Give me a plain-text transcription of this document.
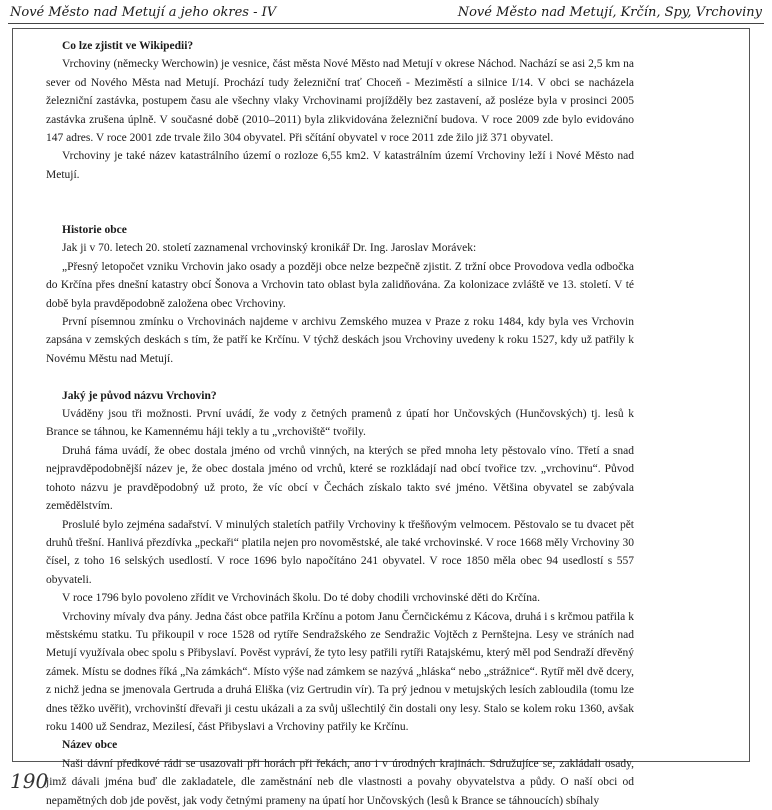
Nové Město nad Metují a jeho okres - IV	Nové Město nad Metují, Krčín, Spy, Vrchoviny
Co lze zjistit ve Wikipedii?

Vrchoviny (německy Werchowin) je vesnice, část města Nové Město nad Metují v okrese Náchod. Nachází se asi 2,5 km na sever od Nového Města nad Metují. Prochází tudy železniční trať Choceň - Meziměstí a silnice I/14. V obci se nacházela železniční zastávka, postupem času ale všechny vlaky Vrchovinami projížděly bez zastavení, až posléze byla v prosinci 2005 zastávka zrušena úplně. V současné době (2010–2011) byla zlikvidována železniční budova. V roce 2009 zde bylo evidováno 147 adres. V roce 2001 zde trvale žilo 304 obyvatel. Při sčítání obyvatel v roce 2011 zde žilo již 371 obyvatel.

Vrchoviny je také název katastrálního území o rozloze 6,55 km2. V katastrálním území Vrchoviny leží i Nové Město nad Metují.

Historie obce

Jak ji v 70. letech 20. století zaznamenal vrchovinský kronikář Dr. Ing. Jaroslav Morávek:

„Přesný letopočet vzniku Vrchovin jako osady a později obce nelze bezpečně zjistit. Z tržní obce Provodova vedla odbočka do Krčína přes dnešní katastry obcí Šonova a Vrchovin tato oblast byla zalidňována. Za kolonizace zvláště ve 13. století. V té době byla pravděpodobně založena obec Vrchoviny.

První písemnou zmínku o Vrchovinách najdeme v archivu Zemského muzea v Praze z roku 1484, kdy byla ves Vrchovin zapsána v zemských deskách s tím, že patří ke Krčínu. V týchž deskách jsou Vrchoviny uvedeny k roku 1527, kdy už patřily k Novému Městu nad Metují.

Jaký je původ názvu Vrchovin?

Uváděny jsou tři možnosti. První uvádí, že vody z četných pramenů z úpatí hor Unčovských (Hunčovských) tj. lesů k Brance se táhnou, ke Kamennému háji tekly a tu „vrchoviště“ tvořily.

Druhá fáma uvádí, že obec dostala jméno od vrchů vinných, na kterých se před mnoha lety pěstovalo víno. Třetí a snad nejpravděpodobnější název je, že obec dostala jméno od vrchů, které se rozkládají nad obcí tvořice tzv. „vrchovinu“. Původ tohoto názvu je pravděpodobný už proto, že víc obcí v Čechách získalo takto své jméno. Většina obyvatel se zabývala zemědělstvím.

Proslulé bylo zejména sadařství. V minulých staletích patřily Vrchoviny k třešňovým velmocem. Pěstovalo se tu dvacet pět druhů třešní. Hanlivá přezdívka „peckaři“ platila nejen pro novoměstské, ale také vrchovinské. V roce 1668 měly Vrchoviny 30 čísel, z toho 16 selských usedlostí. V roce 1696 bylo napočítáno 241 obyvatel. V roce 1850 měla obec 94 usedlostí s 557 obyvateli.

V roce 1796 bylo povoleno zřídit ve Vrchovinách školu. Do té doby chodili vrchovinské děti do Krčína.

Vrchoviny mívaly dva pány. Jedna část obce patřila Krčínu a potom Janu Černčickému z Kácova, druhá i s krčmou patřila k městskému statku. Tu přikoupil v roce 1528 od rytíře Sendražského ze Sendražic Vojtěch z Pernštejna. Lesy ve stráních nad Metují využívala obec spolu s Přibyslaví. Pověst vypráví, že tyto lesy patřili rytíři Ratajskému, který měl pod Sendraží dřevěný zámek. Místu se dodnes říká „Na zámkách“. Místo výše nad zámkem se nazývá „hláska“ nebo „strážnice“. Rytíř měl dvě dcery, z nichž jedna se jmenovala Gertruda a druhá Eliška (viz Gertrudin vír). Ta prý jednou v metujských lesích zabloudila (tomu lze dnes těžko uvěřit), vrchovinští dřevaři ji cestu ukázali a za svůj ušlechtilý čin dostali ony lesy. Stalo se kolem roku 1360, avšak roku 1400 už Sendraz, Mezilesí, část Přibyslavi a Vrchoviny patřily ke Krčínu.

Název obce

Naši dávní předkové rádi se usazovali při horách při řekách, ano i v úrodných krajinách. Sdružujíce se, zakládali osady, jimž dávali jména buď dle zakladatele, dle zaměstnání neb dle vlastnosti a povahy obyvatelstva a půdy. O naší obci od nepamětných dob jde pověst, jak vody četnými prameny na úpatí hor Unčovských (lesů k Brance se táhnoucích) sbíhaly

190
